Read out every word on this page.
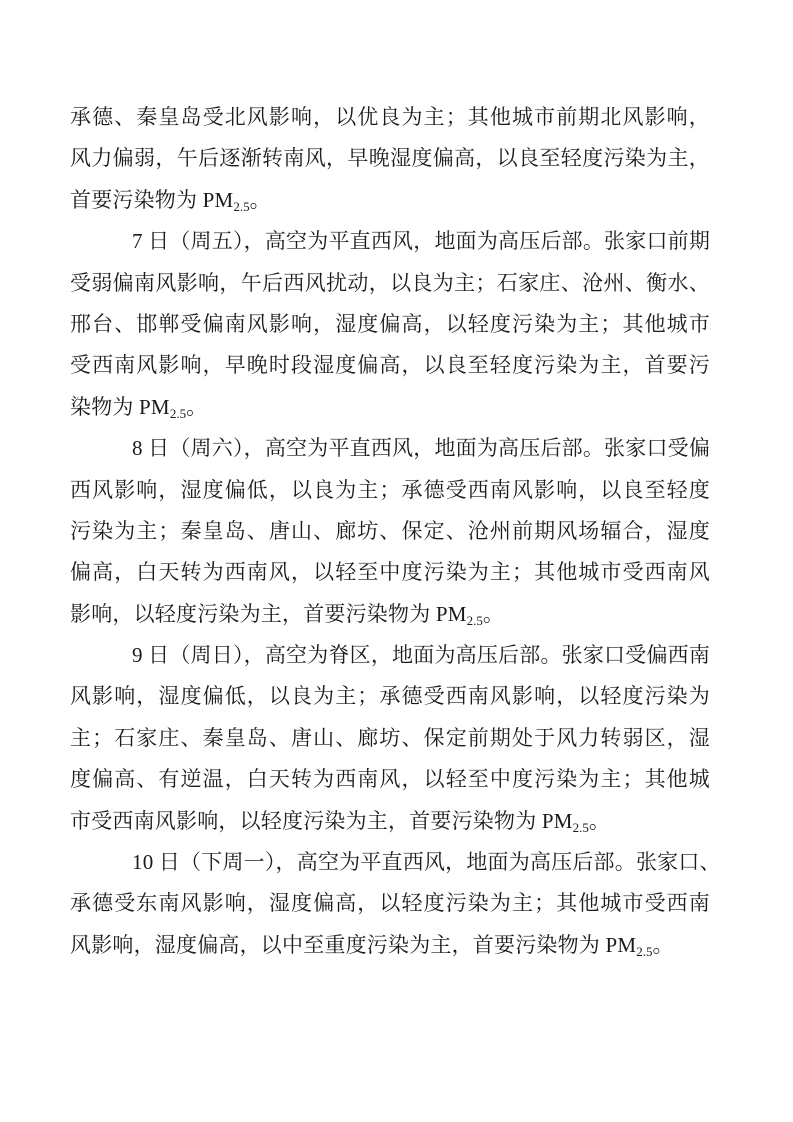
承德、秦皇岛受北风影响，以优良为主；其他城市前期北风影响，
风力偏弱，午后逐渐转南风，早晚湿度偏高，以良至轻度污染为主，
首要污染物为 $PM_{2.5}$。
7 日（周五），高空为平直西风，地面为高压后部。张家口前期
受弱偏南风影响，午后西风扰动，以良为主；石家庄、沧州、衡水、
邢台、邯郸受偏南风影响，湿度偏高，以轻度污染为主；其他城市
受西南风影响，早晚时段湿度偏高，以良至轻度污染为主，首要污
染物为 $PM_{2.5}$。
8 日（周六），高空为平直西风，地面为高压后部。张家口受偏
西风影响，湿度偏低，以良为主；承德受西南风影响，以良至轻度
污染为主；秦皇岛、唐山、廊坊、保定、沧州前期风场辐合，湿度
偏高，白天转为西南风，以轻至中度污染为主；其他城市受西南风
影响，以轻度污染为主，首要污染物为 $PM_{2.5}$。
9 日（周日），高空为脊区，地面为高压后部。张家口受偏西南
风影响，湿度偏低，以良为主；承德受西南风影响，以轻度污染为
主；石家庄、秦皇岛、唐山、廊坊、保定前期处于风力转弱区，湿
度偏高、有逆温，白天转为西南风，以轻至中度污染为主；其他城
市受西南风影响，以轻度污染为主，首要污染物为 $PM_{2.5}$。
10 日（下周一），高空为平直西风，地面为高压后部。张家口、
承德受东南风影响，湿度偏高，以轻度污染为主；其他城市受西南
风影响，湿度偏高，以中至重度污染为主，首要污染物为 $PM_{2.5}$。
